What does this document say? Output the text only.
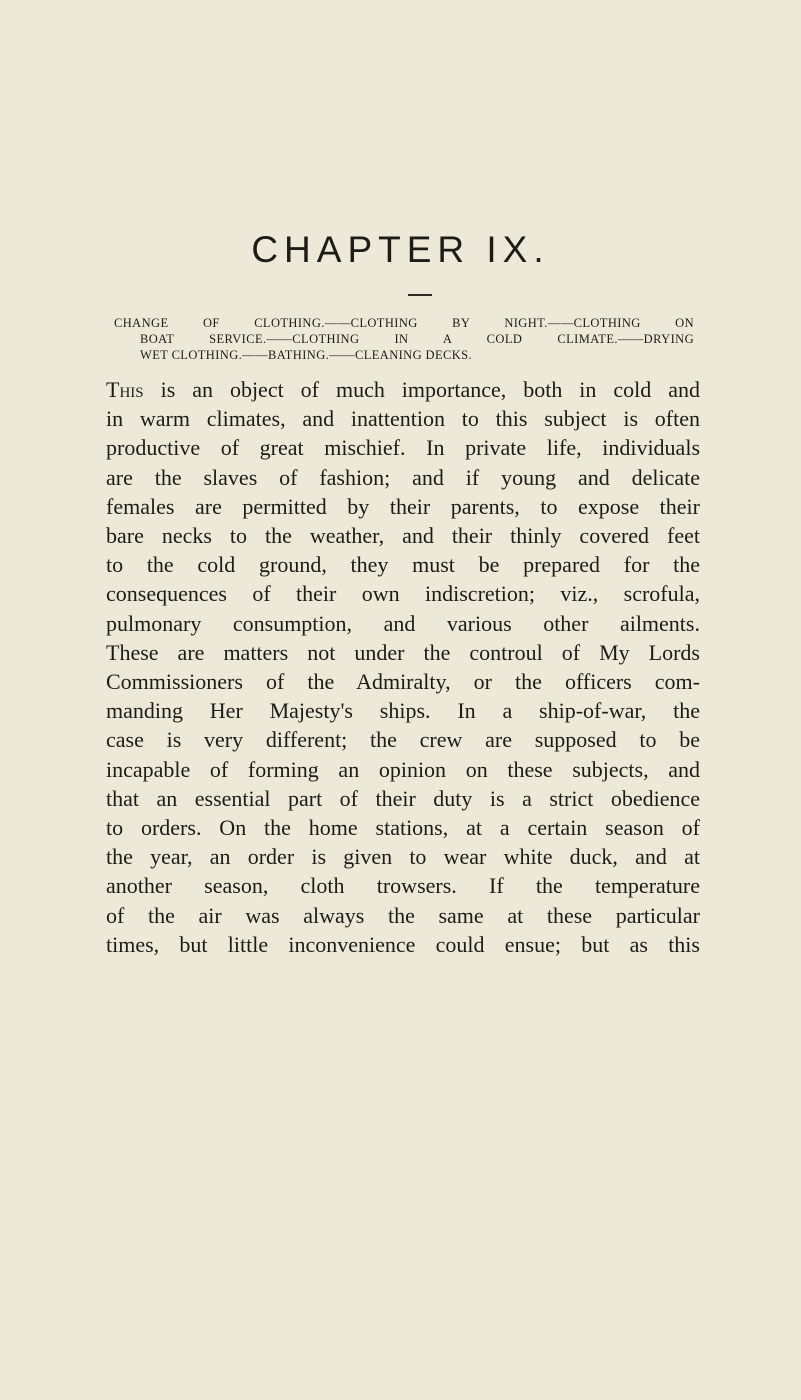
CHAPTER IX.
CHANGE OF CLOTHING.——CLOTHING BY NIGHT.——CLOTHING ON
BOAT SERVICE.——CLOTHING IN A COLD CLIMATE.——DRYING
WET CLOTHING.——BATHING.——CLEANING DECKS.
This is an object of much importance, both in cold and
in warm climates, and inattention to this subject is often
productive of great mischief. In private life, individuals
are the slaves of fashion; and if young and delicate
females are permitted by their parents, to expose their
bare necks to the weather, and their thinly covered feet
to the cold ground, they must be prepared for the
consequences of their own indiscretion; viz., scrofula,
pulmonary consumption, and various other ailments.
These are matters not under the controul of My Lords
Commissioners of the Admiralty, or the officers com-
manding Her Majesty's ships. In a ship-of-war, the
case is very different; the crew are supposed to be
incapable of forming an opinion on these subjects, and
that an essential part of their duty is a strict obedience
to orders. On the home stations, at a certain season of
the year, an order is given to wear white duck, and at
another season, cloth trowsers. If the temperature
of the air was always the same at these particular
times, but little inconvenience could ensue; but as this
